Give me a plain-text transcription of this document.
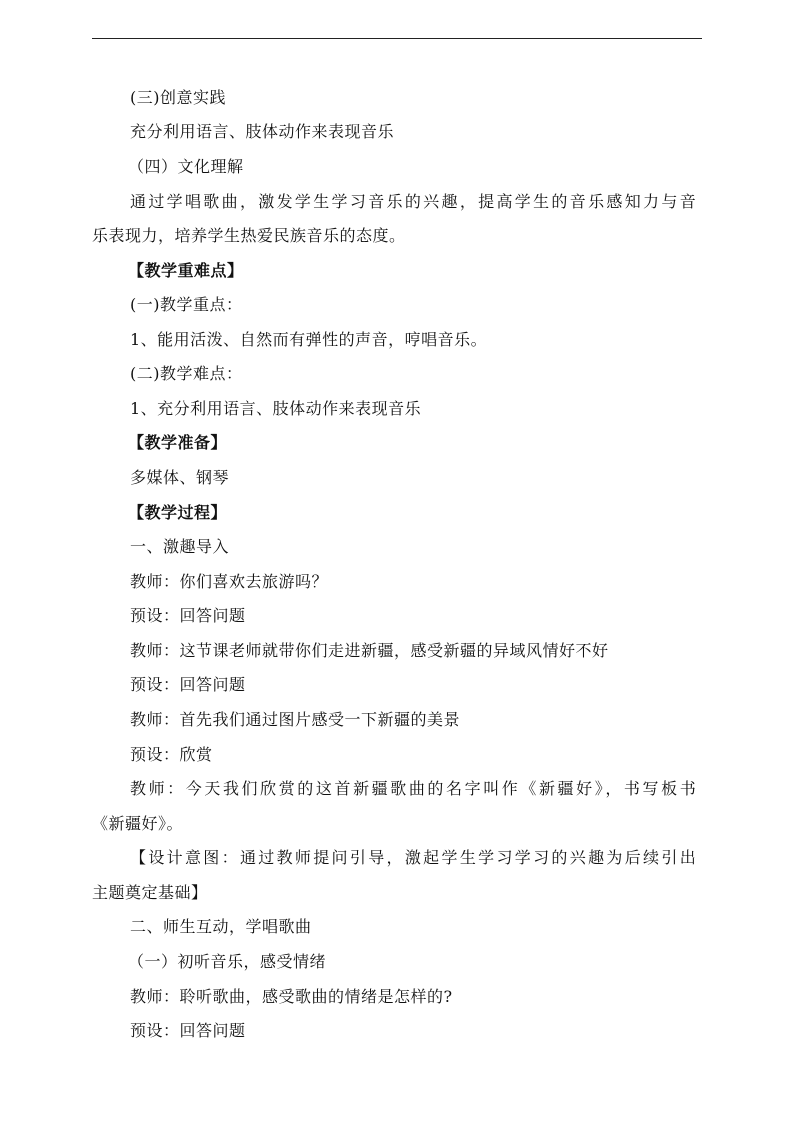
(三)创意实践
充分利用语言、肢体动作来表现音乐
（四）文化理解
通过学唱歌曲，激发学生学习音乐的兴趣，提高学生的音乐感知力与音
乐表现力，培养学生热爱民族音乐的态度。
【教学重难点】
(一)教学重点：
1、能用活泼、自然而有弹性的声音，哼唱音乐。
(二)教学难点：
1、充分利用语言、肢体动作来表现音乐
【教学准备】
多媒体、钢琴
【教学过程】
一、激趣导入
教师：你们喜欢去旅游吗？
预设：回答问题
教师：这节课老师就带你们走进新疆，感受新疆的异域风情好不好
预设：回答问题
教师：首先我们通过图片感受一下新疆的美景
预设：欣赏
教师：今天我们欣赏的这首新疆歌曲的名字叫作《新疆好》，书写板书
《新疆好》。
【设计意图：通过教师提问引导，激起学生学习学习的兴趣为后续引出
主题奠定基础】
二、师生互动，学唱歌曲
（一）初听音乐，感受情绪
教师：聆听歌曲，感受歌曲的情绪是怎样的?
预设：回答问题
